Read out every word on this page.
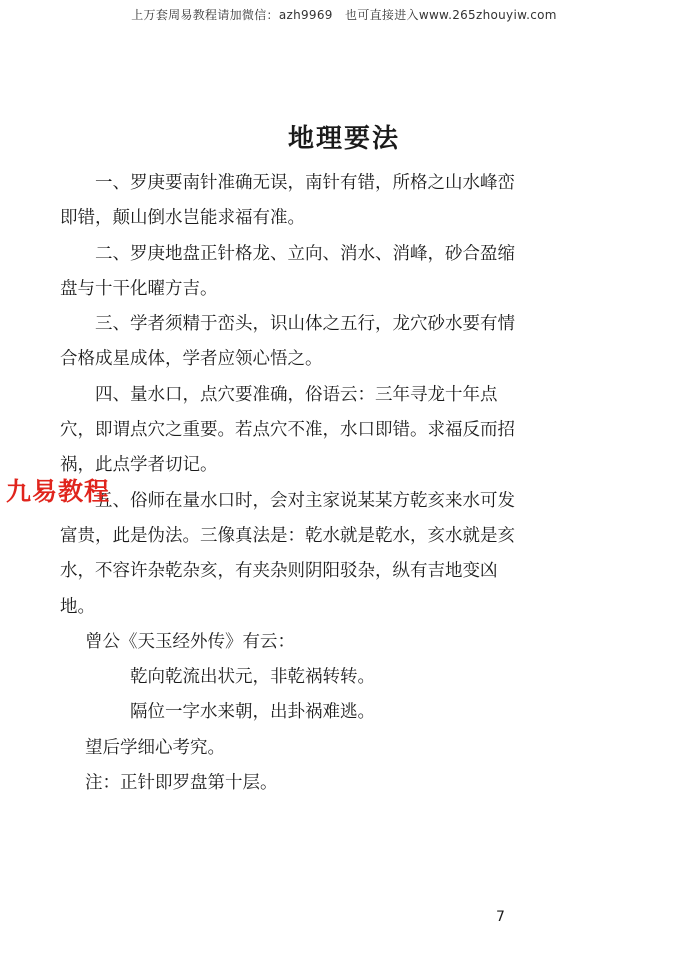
上万套周易教程请加微信：azh9969　也可直接进入www.265zhouyiw.com
地理要法

一、罗庚要南针准确无误，南针有错，所格之山水峰峦即错，颠山倒水岂能求福有准。

二、罗庚地盘正针格龙、立向、消水、消峰，砂合盈缩盘与十干化曜方吉。

三、学者须精于峦头，识山体之五行，龙穴砂水要有情合格成星成体，学者应领心悟之。

四、量水口，点穴要准确，俗语云：三年寻龙十年点穴，即谓点穴之重要。若点穴不准，水口即错。求福反而招祸，此点学者切记。

五、俗师在量水口时，会对主家说某某方乾亥来水可发富贵，此是伪法。三像真法是：乾水就是乾水，亥水就是亥水，不容许杂乾杂亥，有夹杂则阴阳驳杂，纵有吉地变凶地。

曾公《天玉经外传》有云：

乾向乾流出状元，非乾祸转转。

隔位一字水来朝，出卦祸难逃。

望后学细心考究。

注：正针即罗盘第十层。

九易教程
7
